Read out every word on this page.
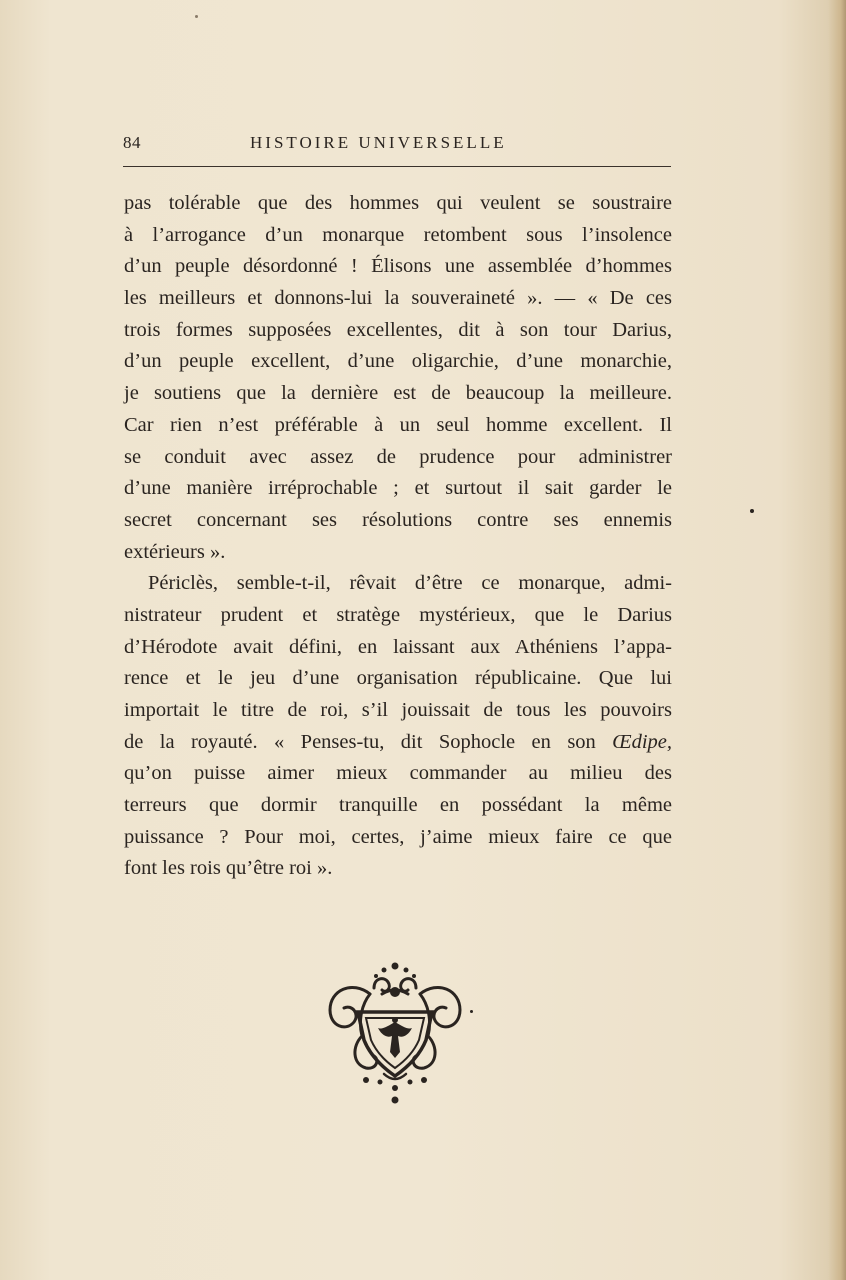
84	HISTOIRE UNIVERSELLE
pas tolérable que des hommes qui veulent se soustraire
à l’arrogance d’un monarque retombent sous l’insolence
d’un peuple désordonné ! Élisons une assemblée d’hommes
les meilleurs et donnons-lui la souveraineté ». — « De ces
trois formes supposées excellentes, dit à son tour Darius,
d’un peuple excellent, d’une oligarchie, d’une monarchie,
je soutiens que la dernière est de beaucoup la meilleure.
Car rien n’est préférable à un seul homme excellent. Il
se conduit avec assez de prudence pour administrer
d’une manière irréprochable ; et surtout il sait garder le
secret concernant ses résolutions contre ses ennemis
extérieurs ».
Périclès, semble-t-il, rêvait d’être ce monarque, admi-
nistrateur prudent et stratège mystérieux, que le Darius
d’Hérodote avait défini, en laissant aux Athéniens l’appa-
rence et le jeu d’une organisation républicaine. Que lui
importait le titre de roi, s’il jouissait de tous les pouvoirs
de la royauté. « Penses-tu, dit Sophocle en son Œdipe,
qu’on puisse aimer mieux commander au milieu des
terreurs que dormir tranquille en possédant la même
puissance ? Pour moi, certes, j’aime mieux faire ce que
font les rois qu’être roi ».
